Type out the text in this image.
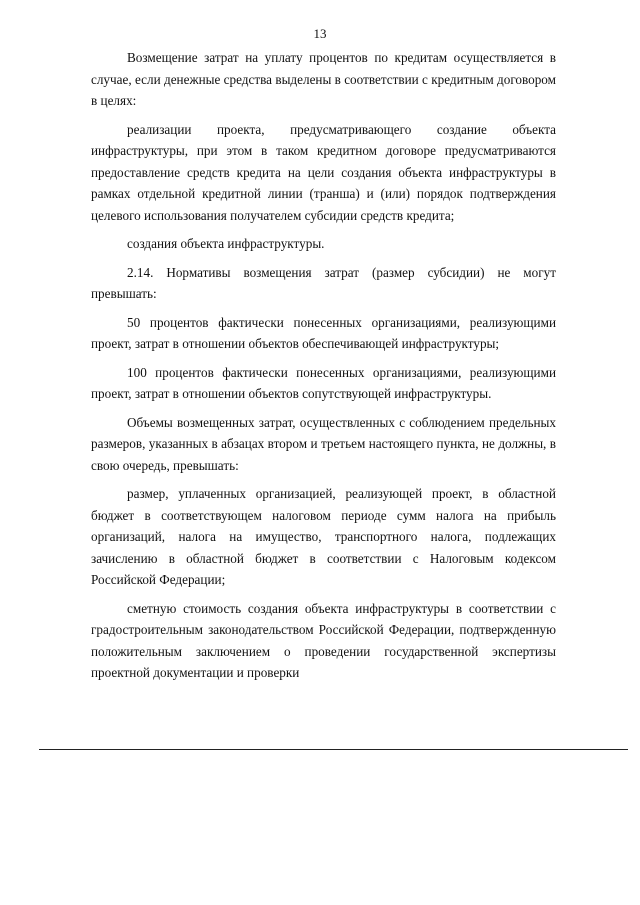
13

Возмещение затрат на уплату процентов по кредитам осуществляется в случае, если денежные средства выделены в соответствии с кредитным договором в целях:

реализации проекта, предусматривающего создание объекта инфраструктуры, при этом в таком кредитном договоре предусматриваются предоставление средств кредита на цели создания объекта инфраструктуры в рамках отдельной кредитной линии (транша) и (или) порядок подтверждения целевого использования получателем субсидии средств кредита;

создания объекта инфраструктуры.

2.14. Нормативы возмещения затрат (размер субсидии) не могут превышать:

50 процентов фактически понесенных организациями, реализующими проект, затрат в отношении объектов обеспечивающей инфраструктуры;

100 процентов фактически понесенных организациями, реализующими проект, затрат в отношении объектов сопутствующей инфраструктуры.

Объемы возмещенных затрат, осуществленных с соблюдением предельных размеров, указанных в абзацах втором и третьем настоящего пункта, не должны, в свою очередь, превышать:

размер, уплаченных организацией, реализующей проект, в областной бюджет в соответствующем налоговом периоде сумм налога на прибыль организаций, налога на имущество, транспортного налога, подлежащих зачислению в областной бюджет в соответствии с Налоговым кодексом Российской Федерации;

сметную стоимость создания объекта инфраструктуры в соответствии с градостроительным законодательством Российской Федерации, подтвержденную положительным заключением о проведении государственной экспертизы проектной документации и проверки
